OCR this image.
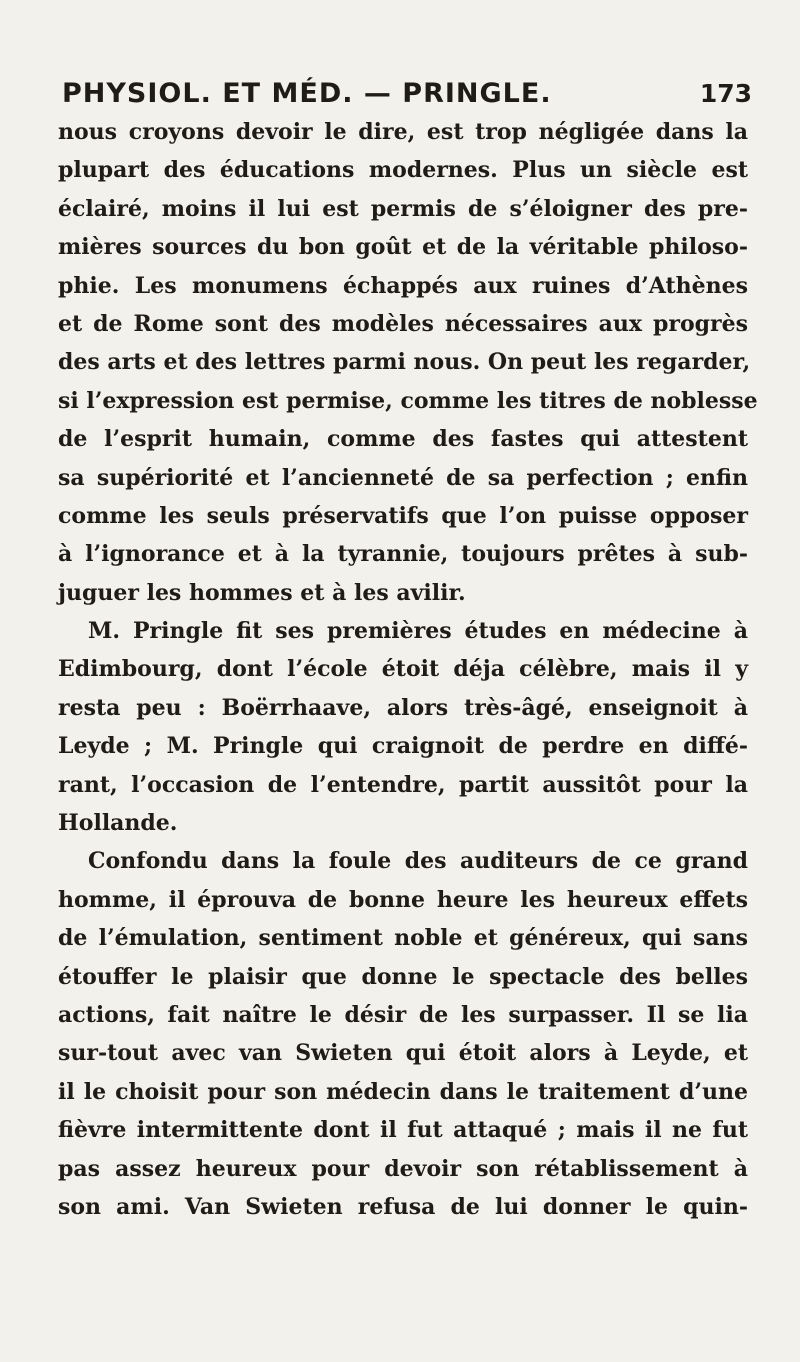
PHYSIOL. ET MÉD. — PRINGLE.	173
nous croyons devoir le dire, est trop négligée dans la
plupart des éducations modernes. Plus un siècle est
éclairé, moins il lui est permis de s’éloigner des pre-
mières sources du bon goût et de la véritable philoso-
phie. Les monumens échappés aux ruines d’Athènes
et de Rome sont des modèles nécessaires aux progrès
des arts et des lettres parmi nous. On peut les regarder,
si l’expression est permise, comme les titres de noblesse
de l’esprit humain, comme des fastes qui attestent
sa supériorité et l’ancienneté de sa perfection ; enfin
comme les seuls préservatifs que l’on puisse opposer
à l’ignorance et à la tyrannie, toujours prêtes à sub-
juguer les hommes et à les avilir.
M. Pringle fit ses premières études en médecine à
Edimbourg, dont l’école étoit déja célèbre, mais il y
resta peu : Boërrhaave, alors très-âgé, enseignoit à
Leyde ; M. Pringle qui craignoit de perdre en diffé-
rant, l’occasion de l’entendre, partit aussitôt pour la
Hollande.
Confondu dans la foule des auditeurs de ce grand
homme, il éprouva de bonne heure les heureux effets
de l’émulation, sentiment noble et généreux, qui sans
étouffer le plaisir que donne le spectacle des belles
actions, fait naître le désir de les surpasser. Il se lia
sur-tout avec van Swieten qui étoit alors à Leyde, et
il le choisit pour son médecin dans le traitement d’une
fièvre intermittente dont il fut attaqué ; mais il ne fut
pas assez heureux pour devoir son rétablissement à
son ami. Van Swieten refusa de lui donner le quin-
